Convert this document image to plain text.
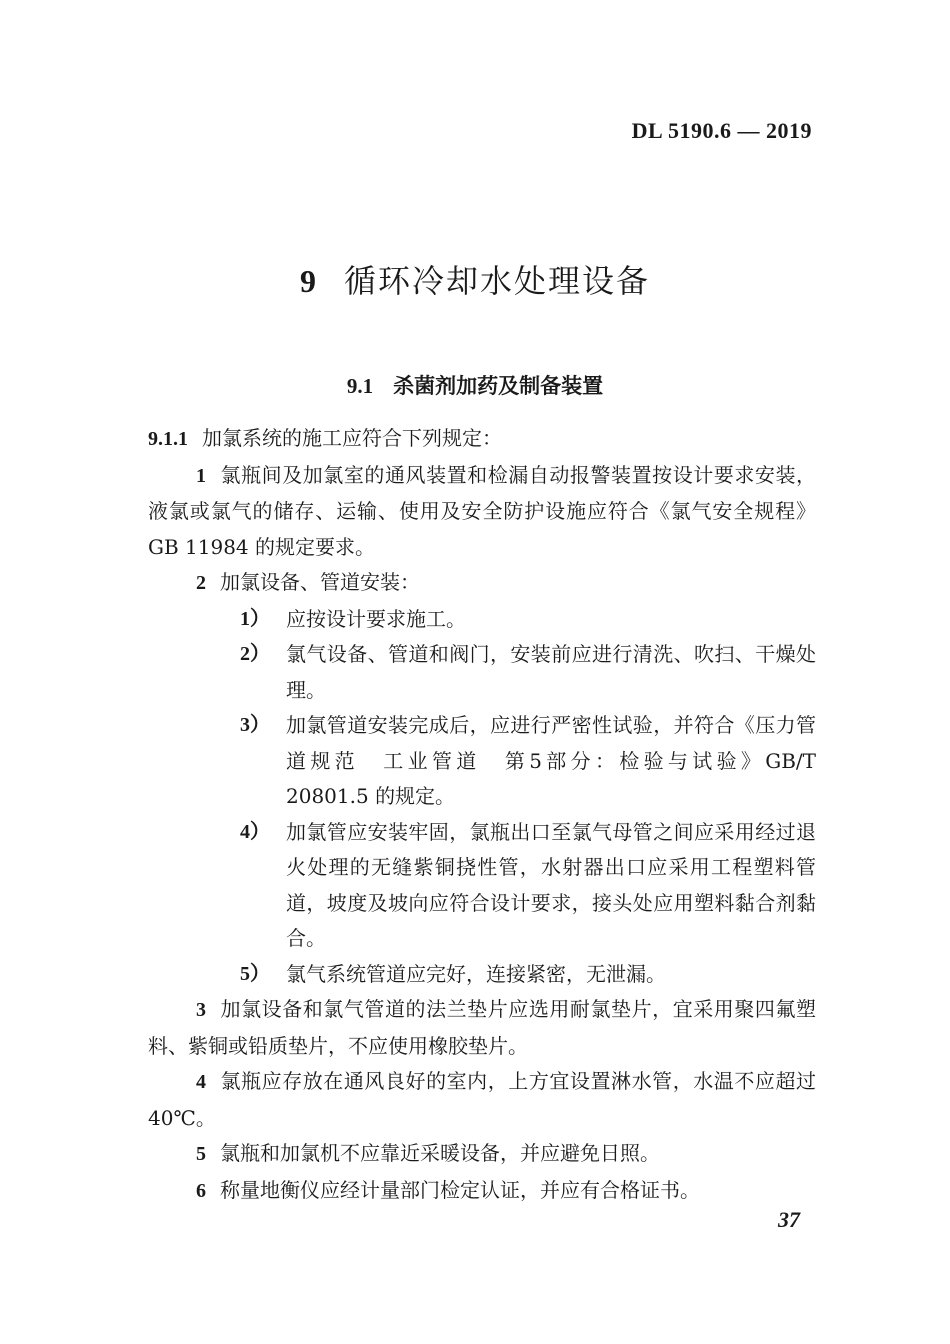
DL 5190.6 — 2019
9 循环冷却水处理设备
9.1 杀菌剂加药及制备装置

9.1.1 加氯系统的施工应符合下列规定：

1 氯瓶间及加氯室的通风装置和检漏自动报警装置按设计要求安装，液氯或氯气的储存、运输、使用及安全防护设施应符合《氯气安全规程》GB 11984 的规定要求。

2 加氯设备、管道安装：

1） 应按设计要求施工。
2） 氯气设备、管道和阀门，安装前应进行清洗、吹扫、干燥处理。
3） 加氯管道安装完成后，应进行严密性试验，并符合《压力管道规范　工业管道　第5部分：检验与试验》GB/T 20801.5 的规定。
4） 加氯管应安装牢固，氯瓶出口至氯气母管之间应采用经过退火处理的无缝紫铜挠性管，水射器出口应采用工程塑料管道，坡度及坡向应符合设计要求，接头处应用塑料黏合剂黏合。
5） 氯气系统管道应完好，连接紧密，无泄漏。

3 加氯设备和氯气管道的法兰垫片应选用耐氯垫片，宜采用聚四氟塑料、紫铜或铅质垫片，不应使用橡胶垫片。

4 氯瓶应存放在通风良好的室内，上方宜设置淋水管，水温不应超过 40℃。

5 氯瓶和加氯机不应靠近采暖设备，并应避免日照。

6 称量地衡仪应经计量部门检定认证，并应有合格证书。

37
